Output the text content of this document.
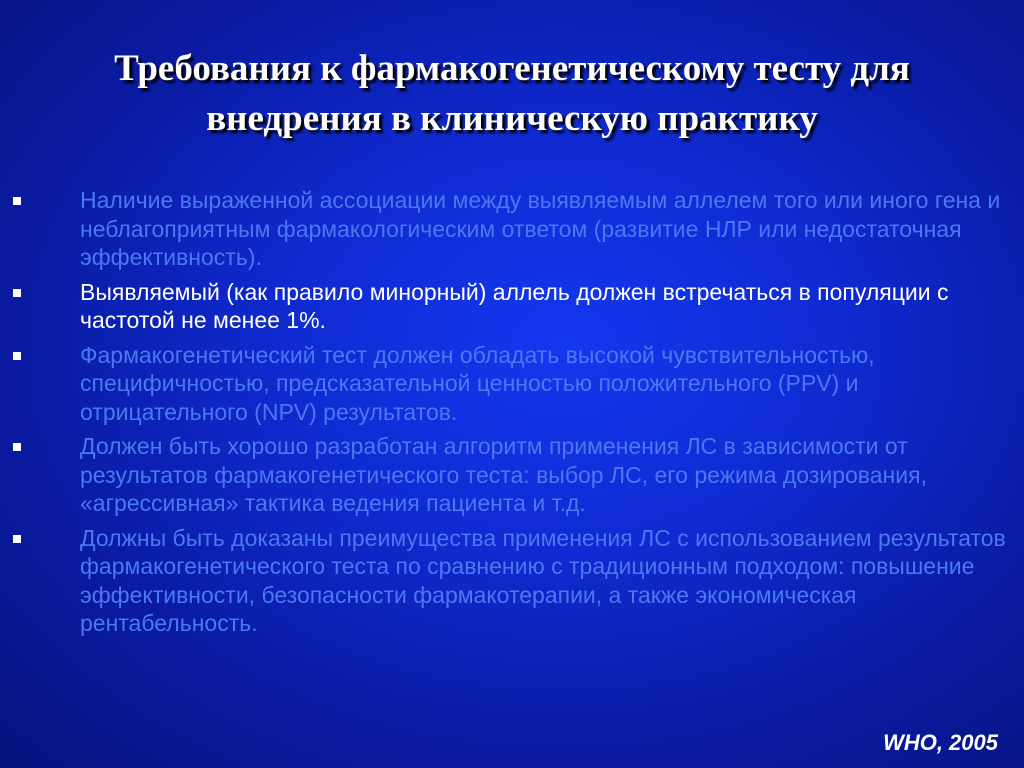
Требования к фармакогенетическому тесту для
внедрения в клиническую практику
Наличие выраженной ассоциации между выявляемым аллелем того или иного гена и неблагоприятным фармакологическим ответом (развитие НЛР или недостаточная эффективность).
Выявляемый (как правило минорный) аллель должен встречаться в популяции с частотой не менее 1%.
Фармакогенетический тест должен обладать высокой чувствительностью, специфичностью, предсказательной ценностью положительного (PPV) и отрицательного (NPV) результатов.
Должен быть хорошо разработан алгоритм применения ЛС в зависимости от результатов фармакогенетического теста: выбор ЛС, его режима дозирования, «агрессивная» тактика ведения пациента и т.д.
Должны быть доказаны преимущества применения ЛС с использованием результатов фармакогенетического теста по сравнению с традиционным подходом: повышение эффективности, безопасности фармакотерапии, а также экономическая рентабельность.
WHO, 2005
